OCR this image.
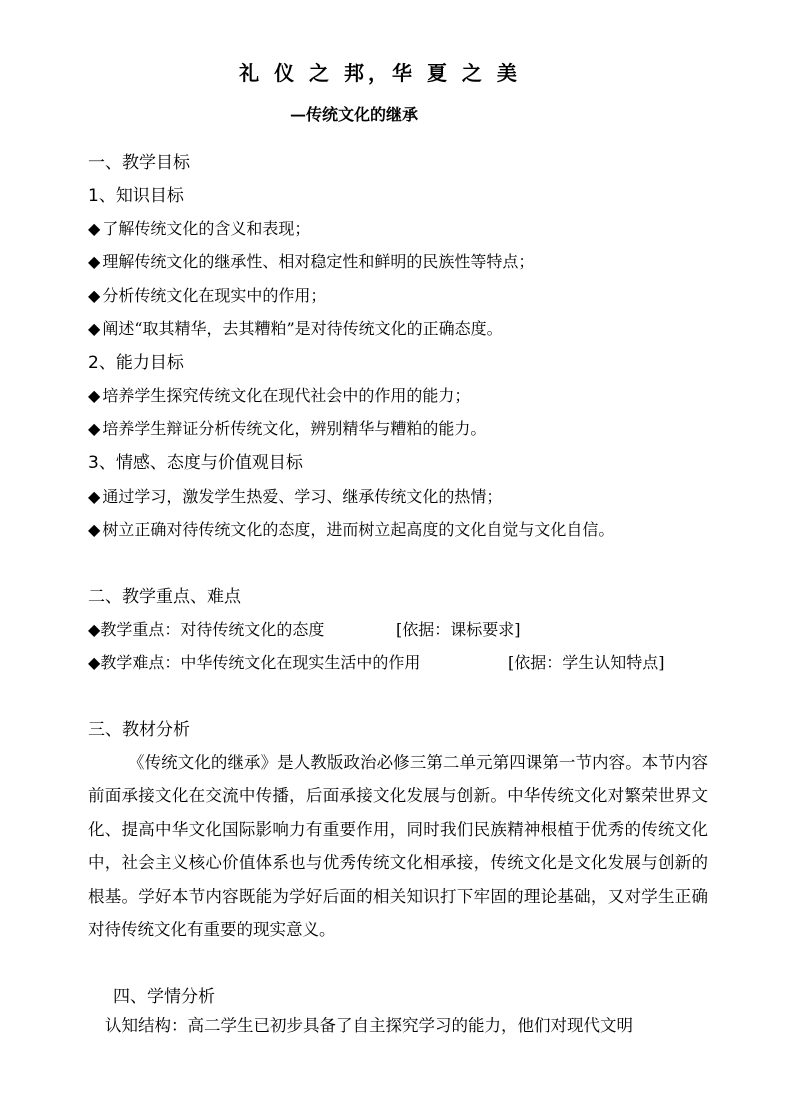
礼 仪 之 邦，华 夏 之 美
—传统文化的继承
一、教学目标
1、知识目标
◆ 了解传统文化的含义和表现；
◆ 理解传统文化的继承性、相对稳定性和鲜明的民族性等特点；
◆ 分析传统文化在现实中的作用；
◆ 阐述“取其精华，去其糟粕”是对待传统文化的正确态度。
2、能力目标
◆ 培养学生探究传统文化在现代社会中的作用的能力；
◆ 培养学生辩证分析传统文化，辨别精华与糟粕的能力。
3、情感、态度与价值观目标
◆ 通过学习，激发学生热爱、学习、继承传统文化的热情；
◆ 树立正确对待传统文化的态度，进而树立起高度的文化自觉与文化自信。
二、教学重点、难点
◆教学重点：对待传统文化的态度	[依据：课标要求]
◆教学难点：中华传统文化在现实生活中的作用	[依据：学生认知特点]
三、教材分析

《传统文化的继承》是人教版政治必修三第二单元第四课第一节内容。本节内容前面承接文化在交流中传播，后面承接文化发展与创新。中华传统文化对繁荣世界文化、提高中华文化国际影响力有重要作用，同时我们民族精神根植于优秀的传统文化中，社会主义核心价值体系也与优秀传统文化相承接，传统文化是文化发展与创新的根基。学好本节内容既能为学好后面的相关知识打下牢固的理论基础，又对学生正确对待传统文化有重要的现实意义。

四、学情分析
认知结构：高二学生已初步具备了自主探究学习的能力，他们对现代文明
